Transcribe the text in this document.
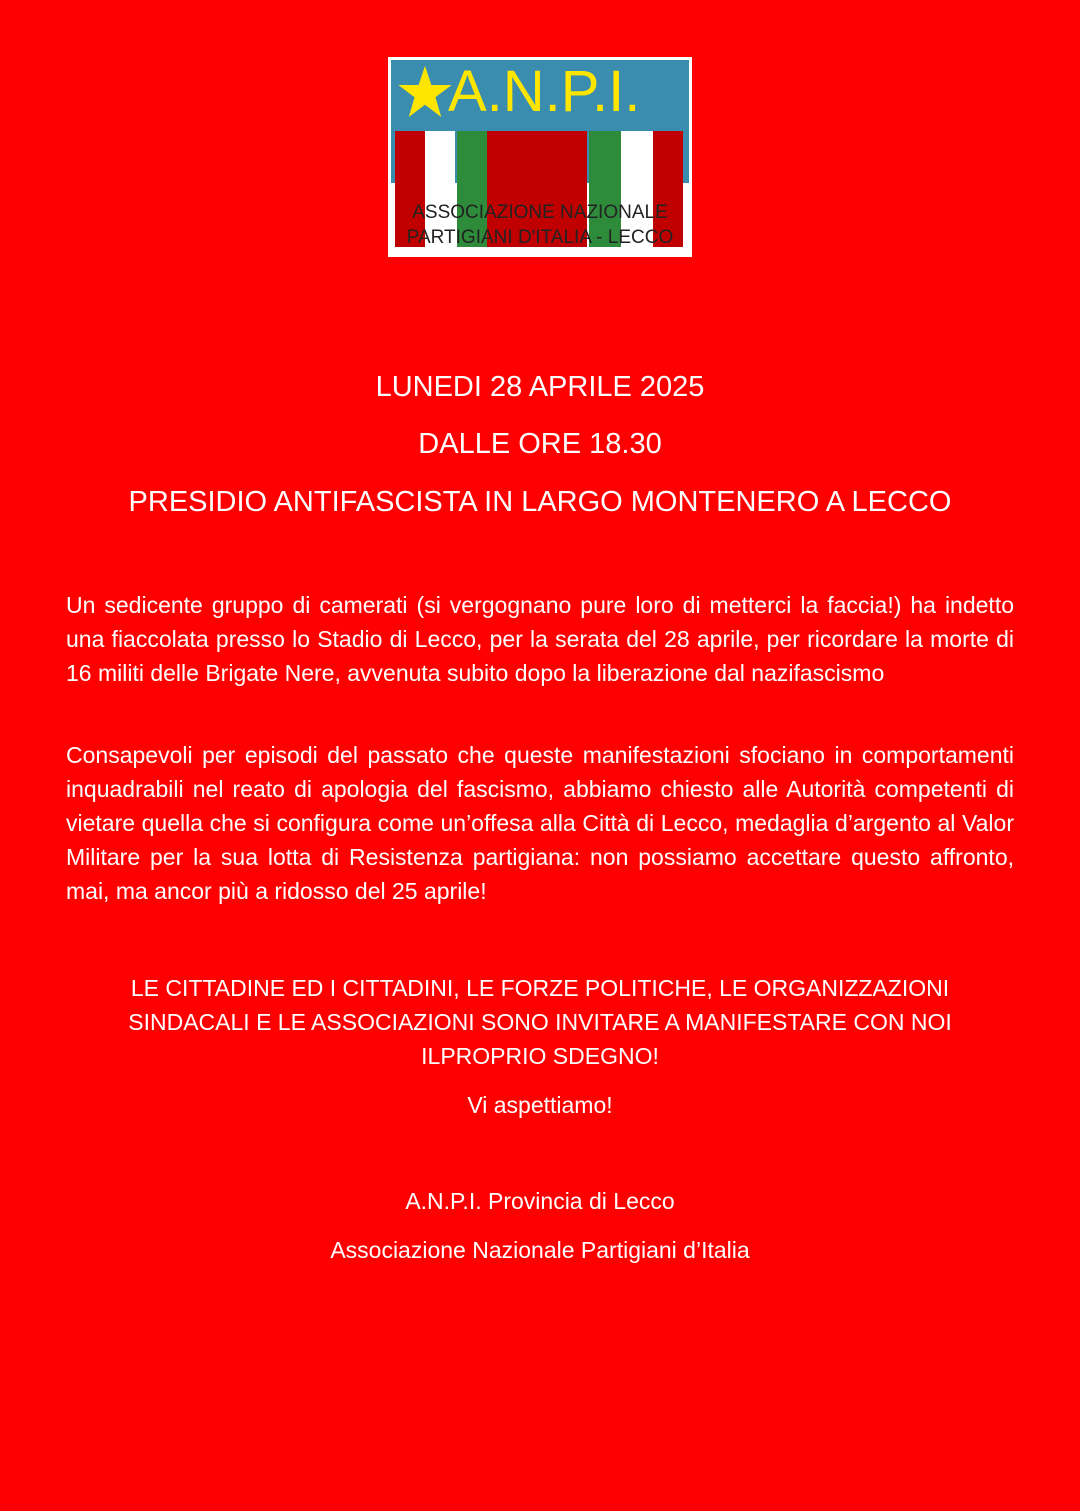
A.N.P.I.
ASSOCIAZIONE NAZIONALE
PARTIGIANI D'ITALIA - LECCO
LUNEDI 28 APRILE 2025
DALLE ORE 18.30
PRESIDIO ANTIFASCISTA IN LARGO MONTENERO A LECCO
Un sedicente gruppo di camerati (si vergognano pure loro di metterci la faccia!) ha indetto una fiaccolata presso lo Stadio di Lecco, per la serata del 28 aprile, per ricordare la morte di 16 militi delle Brigate Nere, avvenuta subito dopo la liberazione dal nazifascismo
Consapevoli per episodi del passato che queste manifestazioni sfociano in comportamenti inquadrabili nel reato di apologia del fascismo, abbiamo chiesto alle Autorità competenti di vietare quella che si configura come un’offesa alla Città di Lecco, medaglia d’argento al Valor Militare per la sua lotta di Resistenza partigiana: non possiamo accettare questo affronto, mai, ma ancor più a ridosso del 25 aprile!
LE CITTADINE ED I CITTADINI, LE FORZE POLITICHE, LE ORGANIZZAZIONI
SINDACALI E LE ASSOCIAZIONI SONO INVITARE A MANIFESTARE CON NOI
ILPROPRIO SDEGNO!
Vi aspettiamo!
A.N.P.I. Provincia di Lecco
Associazione Nazionale Partigiani d’Italia
